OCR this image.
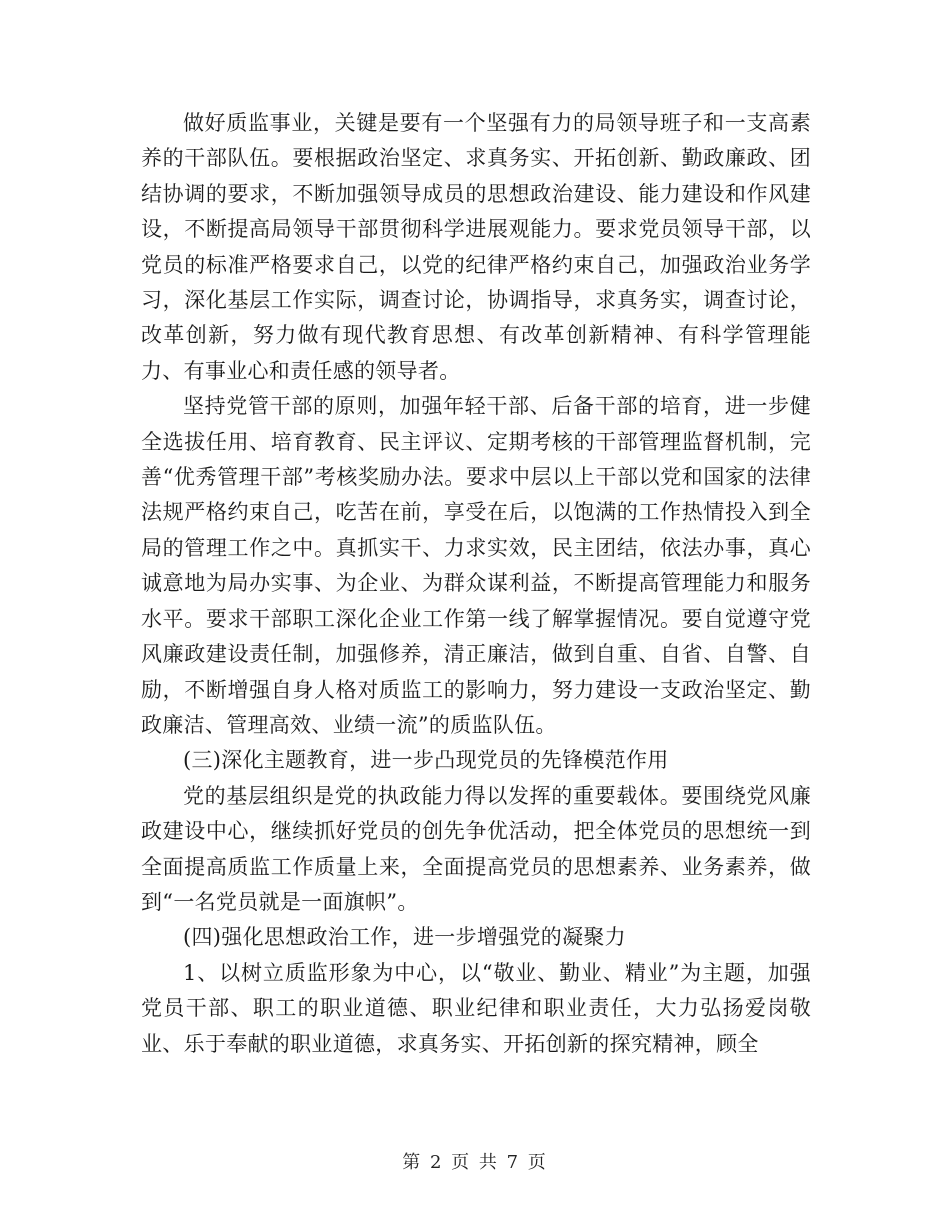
做好质监事业，关键是要有一个坚强有力的局领导班子和一支高素养的干部队伍。要根据政治坚定、求真务实、开拓创新、勤政廉政、团结协调的要求，不断加强领导成员的思想政治建设、能力建设和作风建设，不断提高局领导干部贯彻科学进展观能力。要求党员领导干部，以党员的标准严格要求自己，以党的纪律严格约束自己，加强政治业务学习，深化基层工作实际，调查讨论，协调指导，求真务实，调查讨论，改革创新，努力做有现代教育思想、有改革创新精神、有科学管理能力、有事业心和责任感的领导者。

坚持党管干部的原则，加强年轻干部、后备干部的培育，进一步健全选拔任用、培育教育、民主评议、定期考核的干部管理监督机制，完善“优秀管理干部”考核奖励办法。要求中层以上干部以党和国家的法律法规严格约束自己，吃苦在前，享受在后，以饱满的工作热情投入到全局的管理工作之中。真抓实干、力求实效，民主团结，依法办事，真心诚意地为局办实事、为企业、为群众谋利益，不断提高管理能力和服务水平。要求干部职工深化企业工作第一线了解掌握情况。要自觉遵守党风廉政建设责任制，加强修养，清正廉洁，做到自重、自省、自警、自励，不断增强自身人格对质监工的影响力，努力建设一支政治坚定、勤政廉洁、管理高效、业绩一流”的质监队伍。

(三)深化主题教育，进一步凸现党员的先锋模范作用

党的基层组织是党的执政能力得以发挥的重要载体。要围绕党风廉政建设中心，继续抓好党员的创先争优活动，把全体党员的思想统一到全面提高质监工作质量上来，全面提高党员的思想素养、业务素养，做到“一名党员就是一面旗帜”。

(四)强化思想政治工作，进一步增强党的凝聚力

1、以树立质监形象为中心，以“敬业、勤业、精业”为主题，加强党员干部、职工的职业道德、职业纪律和职业责任，大力弘扬爱岗敬业、乐于奉献的职业道德，求真务实、开拓创新的探究精神，顾全

第 2 页 共 7 页
